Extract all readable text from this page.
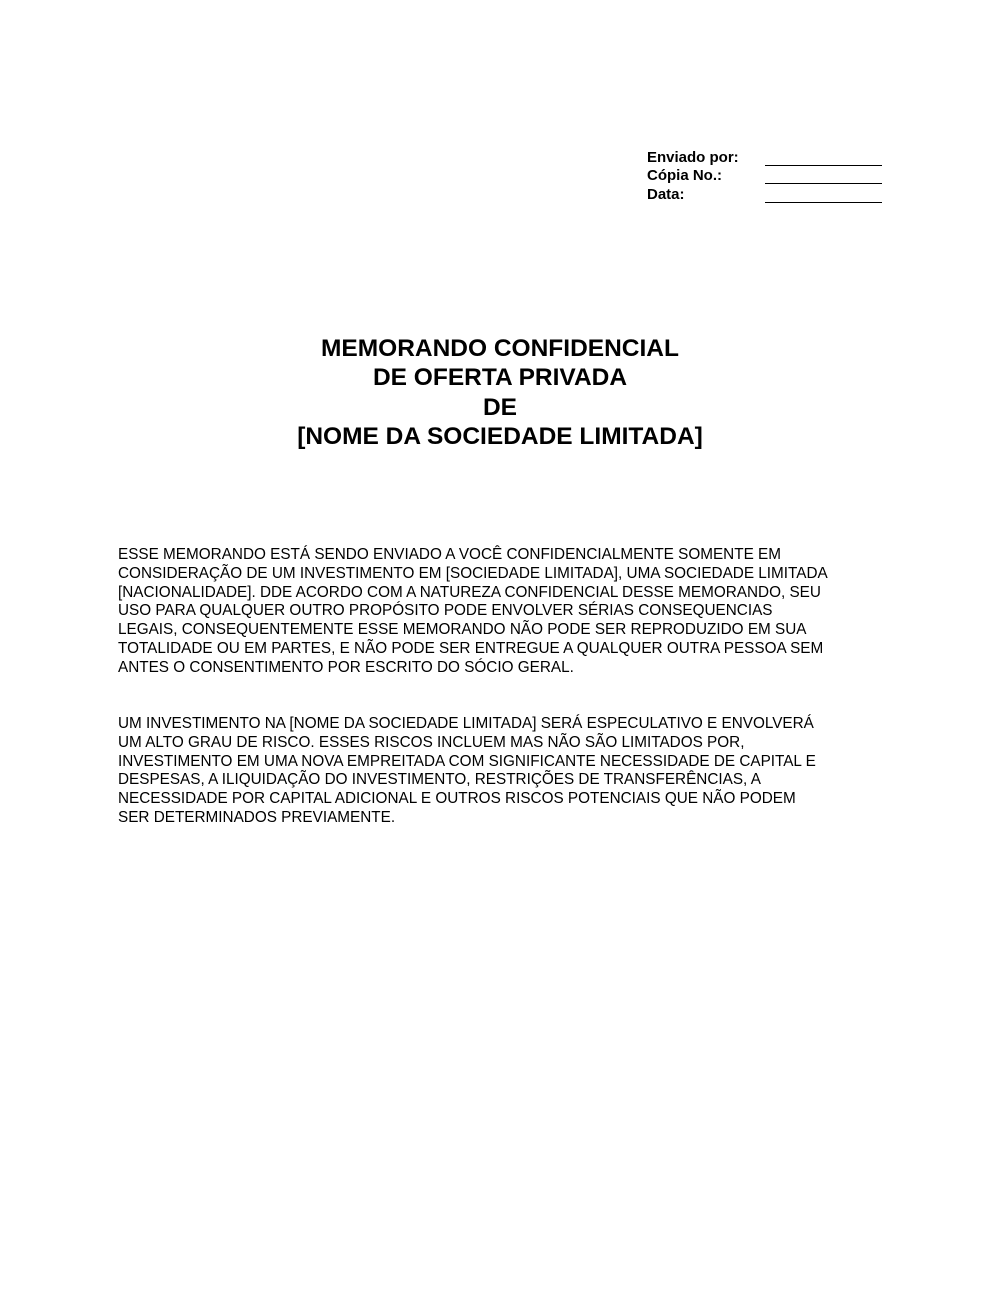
Enviado por:
Cópia No.:
Data:
MEMORANDO CONFIDENCIAL
DE OFERTA PRIVADA
DE
[NOME DA SOCIEDADE LIMITADA]
ESSE MEMORANDO ESTÁ SENDO ENVIADO A VOCÊ CONFIDENCIALMENTE SOMENTE EM
CONSIDERAÇÃO DE UM INVESTIMENTO EM [SOCIEDADE LIMITADA], UMA SOCIEDADE LIMITADA
[NACIONALIDADE]. DDE ACORDO COM A NATUREZA CONFIDENCIAL DESSE MEMORANDO, SEU
USO PARA QUALQUER OUTRO PROPÓSITO PODE ENVOLVER SÉRIAS CONSEQUENCIAS
LEGAIS, CONSEQUENTEMENTE ESSE MEMORANDO NÃO PODE SER REPRODUZIDO EM SUA
TOTALIDADE OU EM PARTES, E NÃO PODE SER ENTREGUE A QUALQUER OUTRA PESSOA SEM
ANTES O CONSENTIMENTO POR ESCRITO DO SÓCIO GERAL.
UM INVESTIMENTO NA [NOME DA SOCIEDADE LIMITADA] SERÁ ESPECULATIVO E ENVOLVERÁ
UM ALTO GRAU DE RISCO. ESSES RISCOS INCLUEM MAS NÃO SÃO LIMITADOS POR,
INVESTIMENTO EM UMA NOVA EMPREITADA COM SIGNIFICANTE NECESSIDADE DE CAPITAL E
DESPESAS, A ILIQUIDAÇÃO DO INVESTIMENTO, RESTRIÇÕES DE TRANSFERÊNCIAS, A
NECESSIDADE POR CAPITAL ADICIONAL E OUTROS RISCOS POTENCIAIS QUE NÃO PODEM
SER DETERMINADOS PREVIAMENTE.
